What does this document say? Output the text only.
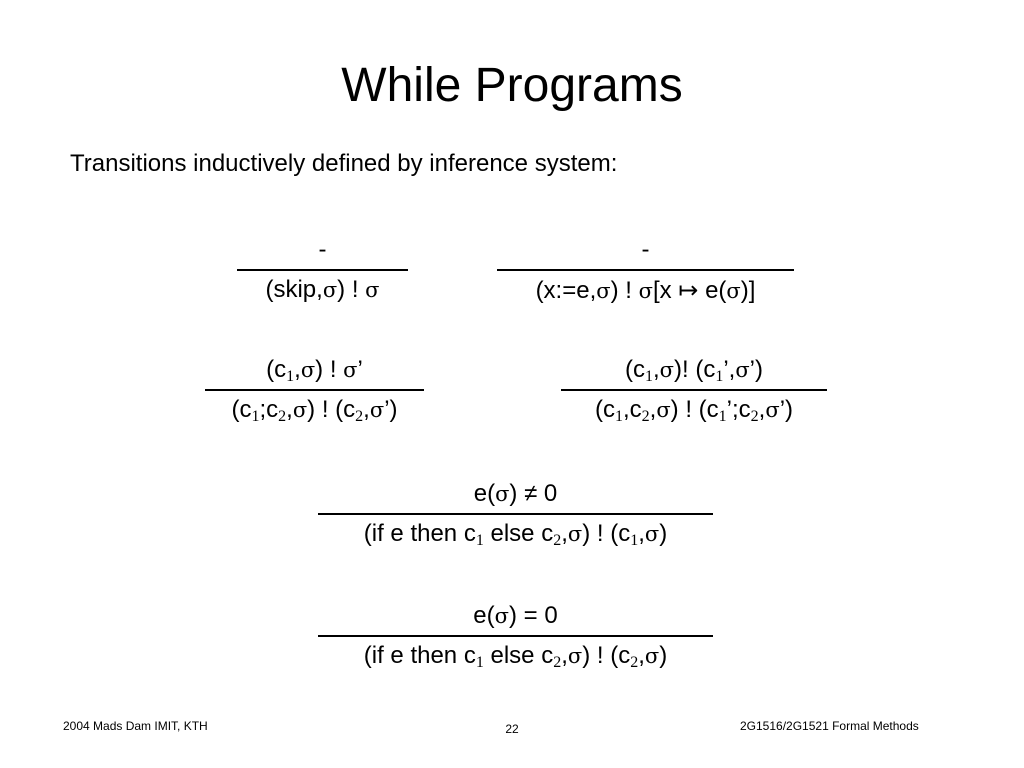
While Programs
Transitions inductively defined by inference system:
-
(skip,σ) ! σ
-
(x:=e,σ) ! σ[x ↦ e(σ)]
$(c_1,\sigma)$ ! σ’
$(c_1;c_2,\sigma)$ ! $(c_2,\sigma’)$
$(c_1,\sigma)$! $(c_1’,\sigma’)$
$(c_1,c_2,\sigma)$ ! $(c_1’;c_2,\sigma’)$
e(σ) ≠ 0
(if e then $c_1$ else $c_2,\sigma$) ! $(c_1,\sigma)$
e(σ) = 0
(if e then $c_1$ else $c_2,\sigma$) ! $(c_2,\sigma)$
2004 Mads Dam IMIT, KTH	22	2G1516/2G1521 Formal Methods
